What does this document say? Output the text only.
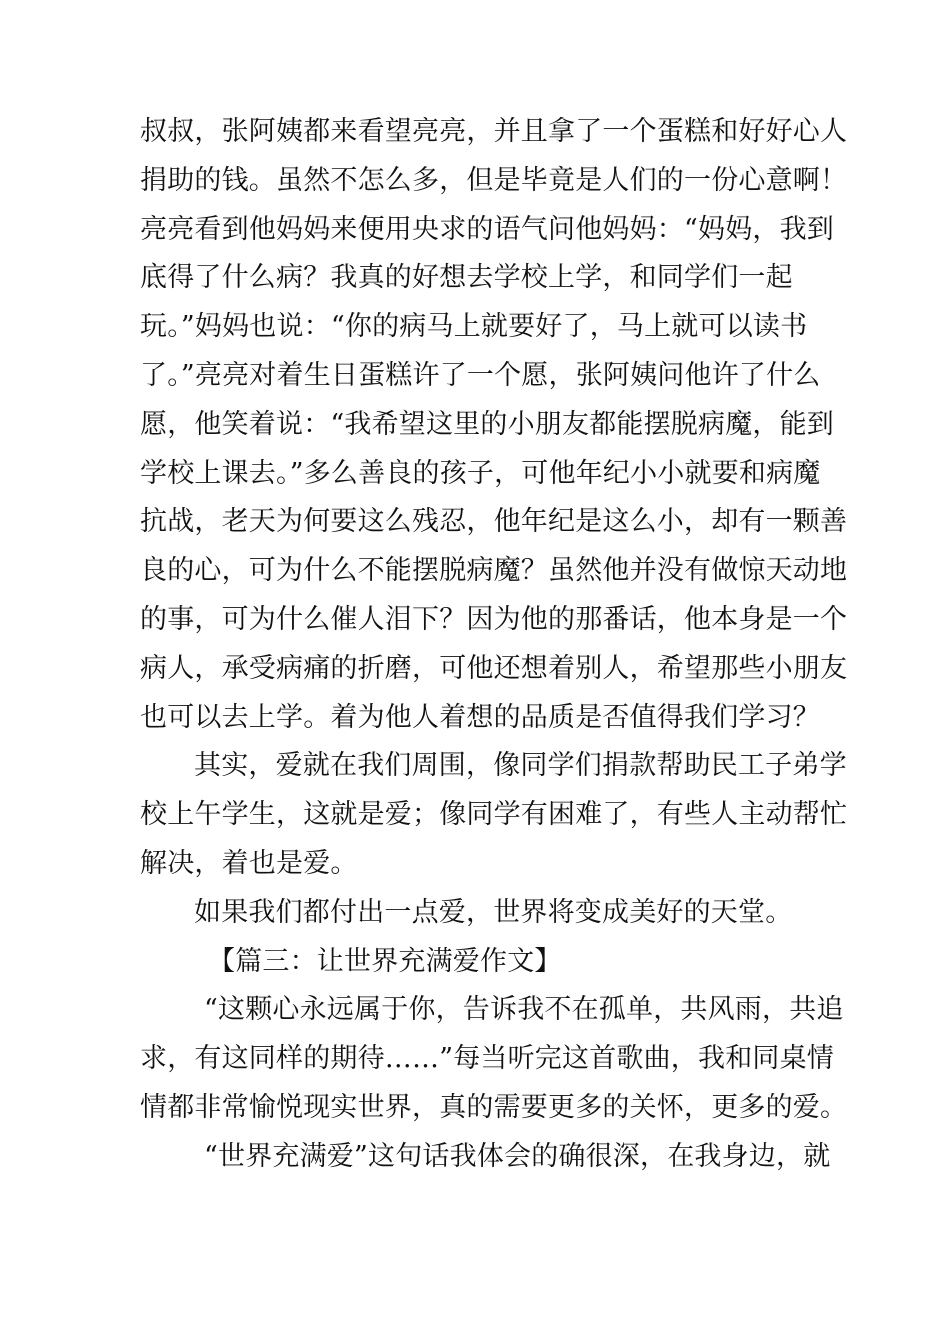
叔叔，张阿姨都来看望亮亮，并且拿了一个蛋糕和好好心人
捐助的钱。虽然不怎么多，但是毕竟是人们的一份心意啊！
亮亮看到他妈妈来便用央求的语气问他妈妈：“妈妈，我到
底得了什么病？我真的好想去学校上学，和同学们一起
玩。”妈妈也说：“你的病马上就要好了，马上就可以读书
了。”亮亮对着生日蛋糕许了一个愿，张阿姨问他许了什么
愿，他笑着说：“我希望这里的小朋友都能摆脱病魔，能到
学校上课去。”多么善良的孩子，可他年纪小小就要和病魔
抗战，老天为何要这么残忍，他年纪是这么小，却有一颗善
良的心，可为什么不能摆脱病魔？虽然他并没有做惊天动地
的事，可为什么催人泪下？因为他的那番话，他本身是一个
病人，承受病痛的折磨，可他还想着别人，希望那些小朋友
也可以去上学。着为他人着想的品质是否值得我们学习？
其实，爱就在我们周围，像同学们捐款帮助民工子弟学
校上午学生，这就是爱；像同学有困难了，有些人主动帮忙
解决，着也是爱。
如果我们都付出一点爱，世界将变成美好的天堂。
【篇三：让世界充满爱作文】
“这颗心永远属于你，告诉我不在孤单，共风雨，共追
求，有这同样的期待……”每当听完这首歌曲，我和同桌情
情都非常愉悦现实世界，真的需要更多的关怀，更多的爱。
“世界充满爱”这句话我体会的确很深，在我身边，就
